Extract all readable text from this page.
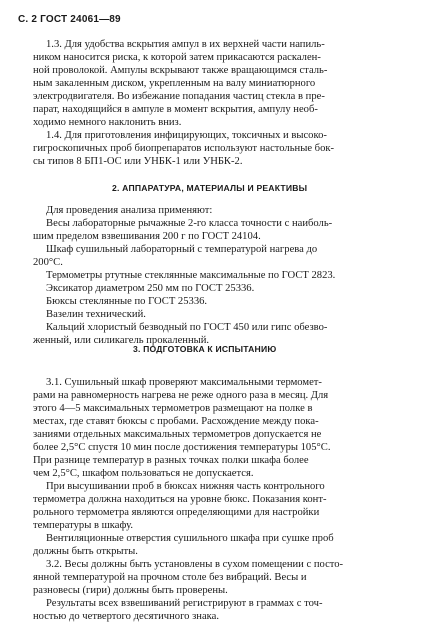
С. 2 ГОСТ 24061—89
1.3. Для удобства вскрытия ампул в их верхней части напиль-
ником наносится риска, к которой затем прикасаются раскален-
ной проволокой. Ампулы вскрывают также вращающимся сталь-
ным закаленным диском, укрепленным на валу миниатюрного
электродвигателя. Во избежание попадания частиц стекла в пре-
парат, находящийся в ампуле в момент вскрытия, ампулу необ-
ходимо немного наклонить вниз.
1.4. Для приготовления инфицирующих, токсичных и высоко-
гигроскопичных проб биопрепаратов используют настольные бок-
сы типов 8 БП1-ОС или УНБК-1 или УНБК-2.
2. АППАРАТУРА, МАТЕРИАЛЫ И РЕАКТИВЫ
Для проведения анализа применяют:
Весы лабораторные рычажные 2-го класса точности с наиболь-
шим пределом взвешивания 200 г по ГОСТ 24104.
Шкаф сушильный лабораторный с температурой нагрева до
200°С.
Термометры ртутные стеклянные максимальные по ГОСТ 2823.
Эксикатор диаметром 250 мм по ГОСТ 25336.
Бюксы стеклянные по ГОСТ 25336.
Вазелин технический.
Кальций хлористый безводный по ГОСТ 450 или гипс обезво-
женный, или силикагель прокаленный.
3. ПОДГОТОВКА К ИСПЫТАНИЮ
3.1. Сушильный шкаф проверяют максимальными термомет-
рами на равномерность нагрева не реже одного раза в месяц. Для
этого 4—5 максимальных термометров размещают на полке в
местах, где ставят бюксы с пробами. Расхождение между пока-
заниями отдельных максимальных термометров допускается не
более 2,5°С спустя 10 мин после достижения температуры 105°С.
При разнице температур в разных точках полки шкафа более
чем 2,5°С, шкафом пользоваться не допускается.
При высушивании проб в бюксах нижняя часть контрольного
термометра должна находиться на уровне бюкс. Показания конт-
рольного термометра являются определяющими для настройки
температуры в шкафу.
Вентиляционные отверстия сушильного шкафа при сушке проб
должны быть открыты.
3.2. Весы должны быть установлены в сухом помещении с посто-
янной температурой на прочном столе без вибраций. Весы и
разновесы (гири) должны быть проверены.
Результаты всех взвешиваний регистрируют в граммах с точ-
ностью до четвертого десятичного знака.
